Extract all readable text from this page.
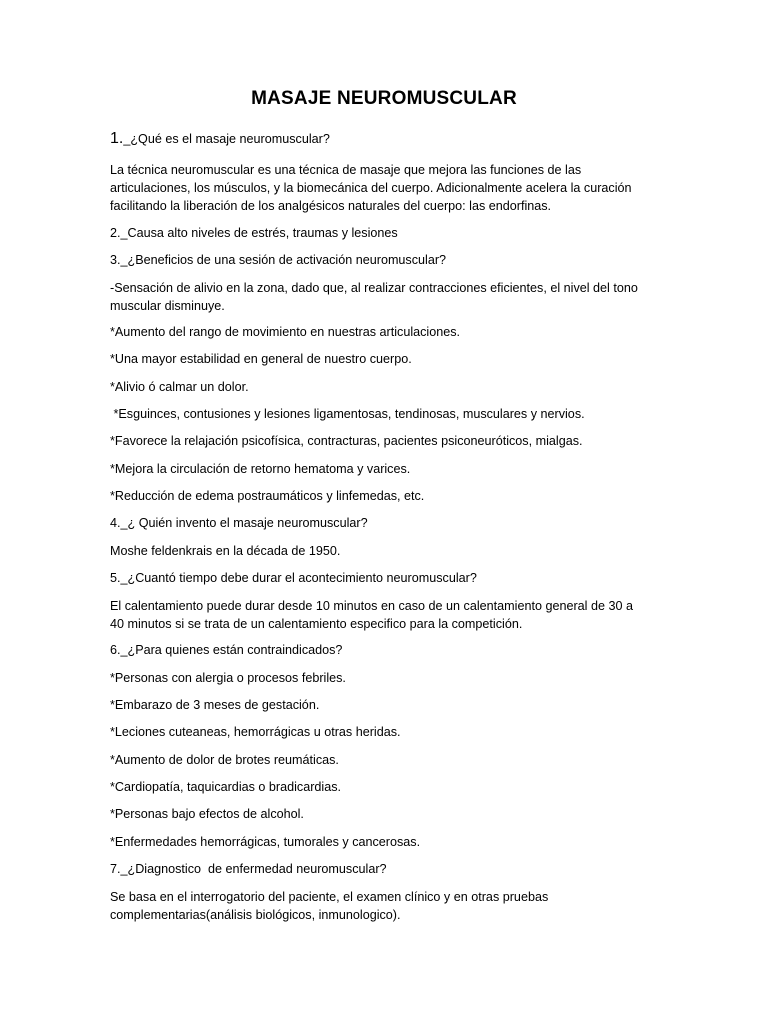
MASAJE NEUROMUSCULAR
1._¿Qué es el masaje neuromuscular?
La técnica neuromuscular es una técnica de masaje que mejora las funciones de las
articulaciones, los músculos, y la biomecánica del cuerpo. Adicionalmente acelera la curación
facilitando la liberación de los analgésicos naturales del cuerpo: las endorfinas.
2._Causa alto niveles de estrés, traumas y lesiones
3._¿Beneficios de una sesión de activación neuromuscular?
-Sensación de alivio en la zona, dado que, al realizar contracciones eficientes, el nivel del tono
muscular disminuye.
*Aumento del rango de movimiento en nuestras articulaciones.
*Una mayor estabilidad en general de nuestro cuerpo.
*Alivio ó calmar un dolor.
*Esguinces, contusiones y lesiones ligamentosas, tendinosas, musculares y nervios.
*Favorece la relajación psicofísica, contracturas, pacientes psiconeuróticos, mialgas.
*Mejora la circulación de retorno hematoma y varices.
*Reducción de edema postraumáticos y linfemedas, etc.
4._¿ Quién invento el masaje neuromuscular?
Moshe feldenkrais en la década de 1950.
5._¿Cuantó tiempo debe durar el acontecimiento neuromuscular?
El calentamiento puede durar desde 10 minutos en caso de un calentamiento general de 30 a
40 minutos si se trata de un calentamiento especifico para la competición.
6._¿Para quienes están contraindicados?
*Personas con alergia o procesos febriles.
*Embarazo de 3 meses de gestación.
*Leciones cuteaneas, hemorrágicas u otras heridas.
*Aumento de dolor de brotes reumáticas.
*Cardiopatía, taquicardias o bradicardias.
*Personas bajo efectos de alcohol.
*Enfermedades hemorrágicas, tumorales y cancerosas.
7._¿Diagnostico  de enfermedad neuromuscular?
Se basa en el interrogatorio del paciente, el examen clínico y en otras pruebas
complementarias(análisis biológicos, inmunologico).
